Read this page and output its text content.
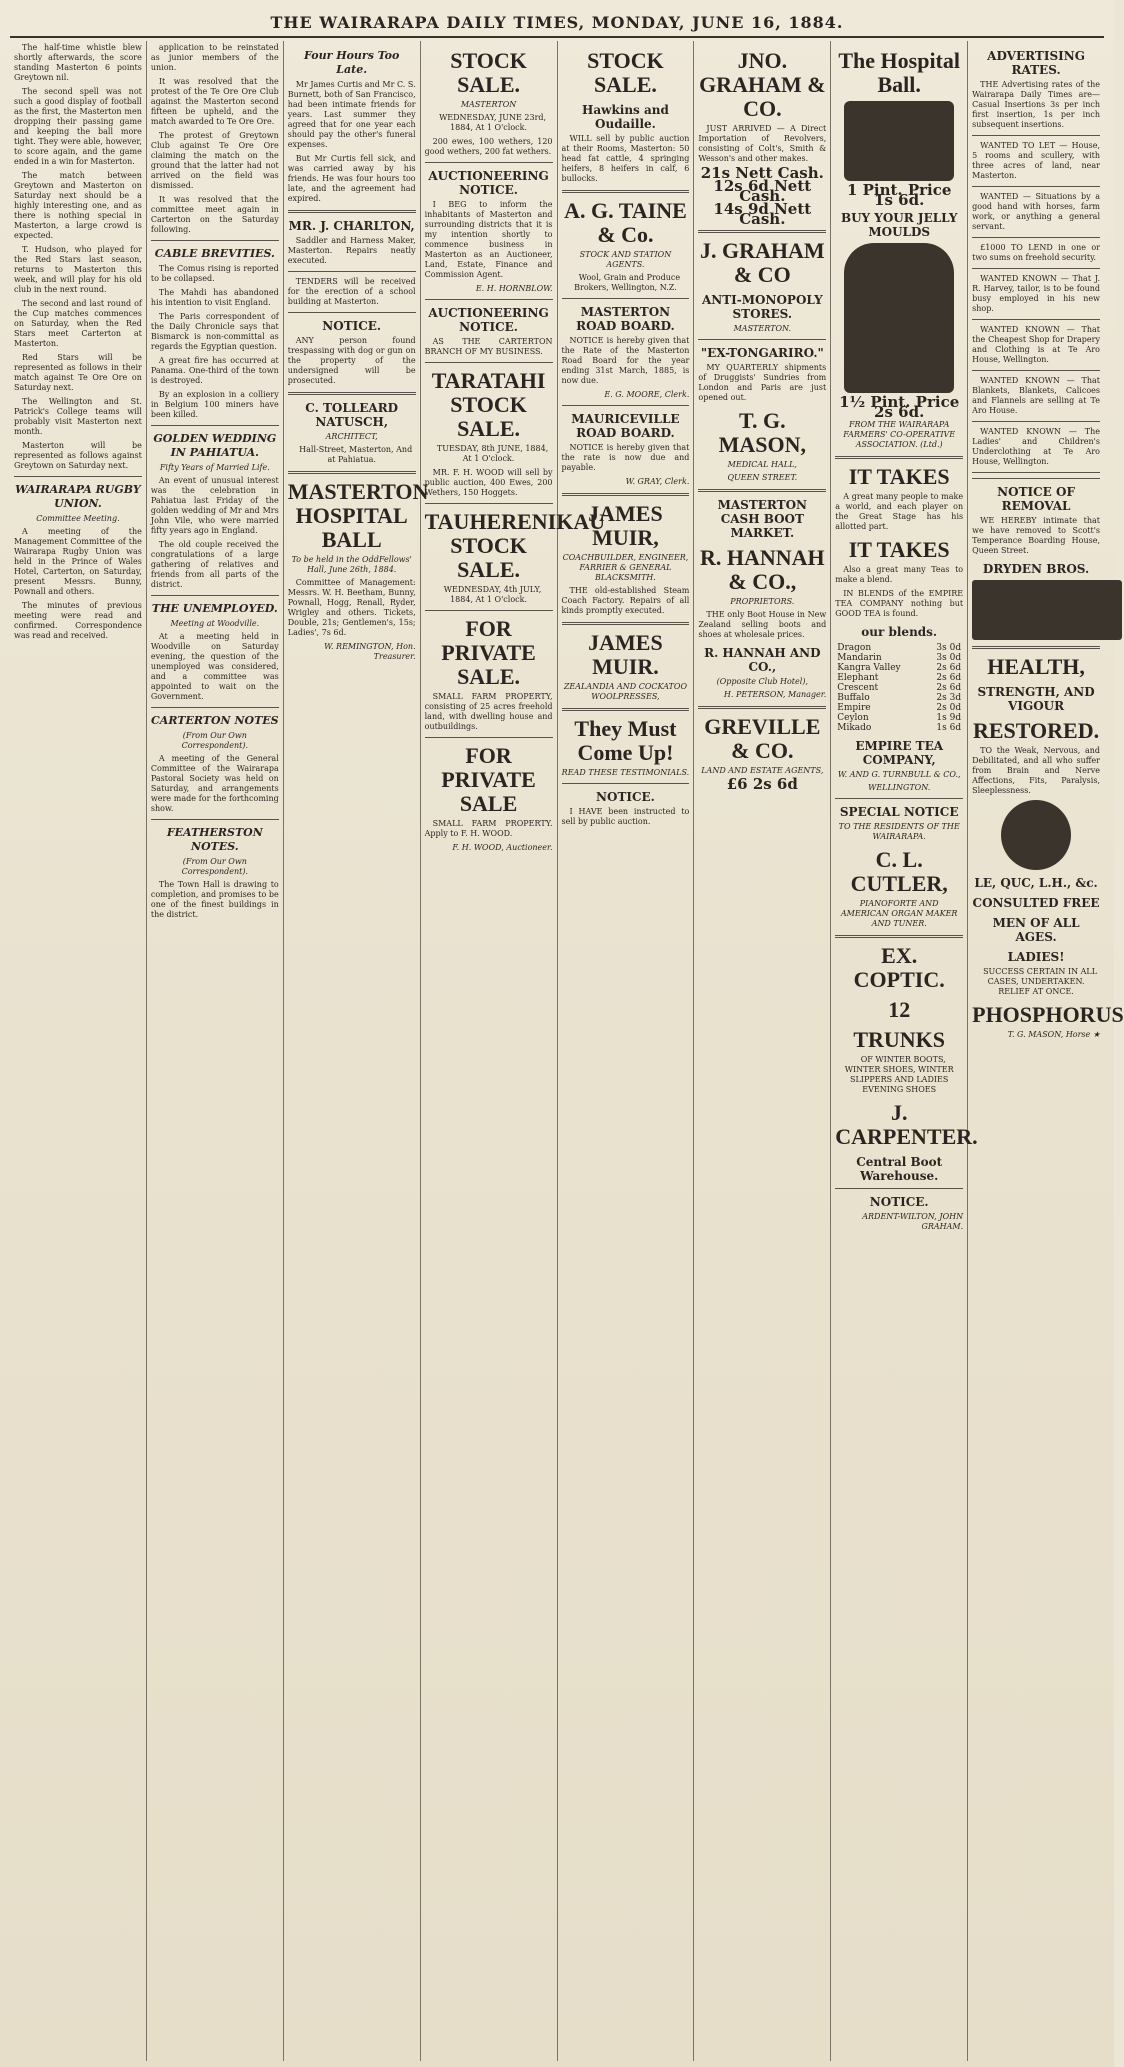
THE WAIRARAPA DAILY TIMES, MONDAY, JUNE 16, 1884.

The half-time whistle blew shortly afterwards, the score standing Masterton 6 points Greytown nil.

The second spell was not such a good display of football as the first, the Masterton men dropping their passing game and keeping the ball more tight. They were able, however, to score again, and the game ended in a win for Masterton.

The match between Greytown and Masterton on Saturday next should be a highly interesting one, and as there is nothing special in Masterton, a large crowd is expected.

T. Hudson, who played for the Red Stars last season, returns to Masterton this week, and will play for his old club in the next round.

The second and last round of the Cup matches commences on Saturday, when the Red Stars meet Carterton at Masterton.

Red Stars will be represented as follows in their match against Te Ore Ore on Saturday next.

The Wellington and St. Patrick's College teams will probably visit Masterton next month.

Masterton will be represented as follows against Greytown on Saturday next.

WAIRARAPA RUGBY UNION.
Committee Meeting.

A meeting of the Management Committee of the Wairarapa Rugby Union was held in the Prince of Wales Hotel, Carterton, on Saturday, present Messrs. Bunny, Pownall and others.

The minutes of previous meeting were read and confirmed. Correspondence was read and received.

application to be reinstated as junior members of the union.

It was resolved that the protest of the Te Ore Ore Club against the Masterton second fifteen be upheld, and the match awarded to Te Ore Ore.

The protest of Greytown Club against Te Ore Ore claiming the match on the ground that the latter had not arrived on the field was dismissed.

It was resolved that the committee meet again in Carterton on the Saturday following.

CABLE BREVITIES.

The Comus rising is reported to be collapsed.

The Mahdi has abandoned his intention to visit England.

The Paris correspondent of the Daily Chronicle says that Bismarck is non-committal as regards the Egyptian question.

A great fire has occurred at Panama. One-third of the town is destroyed.

By an explosion in a colliery in Belgium 100 miners have been killed.

GOLDEN WEDDING IN PAHIATUA.
Fifty Years of Married Life.

An event of unusual interest was the celebration in Pahiatua last Friday of the golden wedding of Mr and Mrs John Vile, who were married fifty years ago in England.

The old couple received the congratulations of a large gathering of relatives and friends from all parts of the district.

THE UNEMPLOYED.
Meeting at Woodville.

At a meeting held in Woodville on Saturday evening, the question of the unemployed was considered, and a committee was appointed to wait on the Government.

CARTERTON NOTES
(From Our Own Correspondent).

A meeting of the General Committee of the Wairarapa Pastoral Society was held on Saturday, and arrangements were made for the forthcoming show.

FEATHERSTON NOTES.
(From Our Own Correspondent).

The Town Hall is drawing to completion, and promises to be one of the finest buildings in the district.

Four Hours Too Late.

Mr James Curtis and Mr C. S. Burnett, both of San Francisco, had been intimate friends for years. Last summer they agreed that for one year each should pay the other's funeral expenses.

But Mr Curtis fell sick, and was carried away by his friends. He was four hours too late, and the agreement had expired.

MR. J. CHARLTON,

Saddler and Harness Maker, Masterton. Repairs neatly executed.

TENDERS will be received for the erection of a school building at Masterton.

NOTICE.

ANY person found trespassing with dog or gun on the property of the undersigned will be prosecuted.

C. TOLLEARD NATUSCH,
ARCHITECT,

Hall-Street, Masterton, And at Pahiatua.

MASTERTON HOSPITAL BALL
To be held in the OddFellows' Hall, June 26th, 1884.

Committee of Management: Messrs. W. H. Beetham, Bunny, Pownall, Hogg, Renall, Ryder, Wrigley and others. Tickets, Double, 21s; Gentlemen's, 15s; Ladies', 7s 6d.

W. REMINGTON, Hon. Treasurer.
STOCK SALE.
MASTERTON

WEDNESDAY, JUNE 23rd, 1884, At 1 O'clock.

200 ewes, 100 wethers, 120 good wethers, 200 fat wethers.

AUCTIONEERING NOTICE.

I BEG to inform the inhabitants of Masterton and surrounding districts that it is my intention shortly to commence business in Masterton as an Auctioneer, Land, Estate, Finance and Commission Agent.

E. H. HORNBLOW.
AUCTIONEERING NOTICE.

AS THE CARTERTON BRANCH OF MY BUSINESS.

TARATAHI STOCK SALE.

TUESDAY, 8th JUNE, 1884, At 1 O'clock.

MR. F. H. WOOD will sell by public auction, 400 Ewes, 200 Wethers, 150 Hoggets.

TAUHERENIKAU STOCK SALE.

WEDNESDAY, 4th JULY, 1884, At 1 O'clock.

FOR PRIVATE SALE.

SMALL FARM PROPERTY, consisting of 25 acres freehold land, with dwelling house and outbuildings.

FOR PRIVATE SALE

SMALL FARM PROPERTY. Apply to F. H. WOOD.

F. H. WOOD, Auctioneer.
STOCK SALE.
Hawkins and Oudaille.

WILL sell by public auction at their Rooms, Masterton: 50 head fat cattle, 4 springing heifers, 8 heifers in calf, 6 bullocks.

A. G. TAINE & Co.
STOCK AND STATION AGENTS.

Wool, Grain and Produce Brokers, Wellington, N.Z.

MASTERTON ROAD BOARD.

NOTICE is hereby given that the Rate of the Masterton Road Board for the year ending 31st March, 1885, is now due.

E. G. MOORE, Clerk.
MAURICEVILLE ROAD BOARD.

NOTICE is hereby given that the rate is now due and payable.

W. GRAY, Clerk.
JAMES MUIR,
COACHBUILDER, ENGINEER, FARRIER & GENERAL BLACKSMITH.

THE old-established Steam Coach Factory. Repairs of all kinds promptly executed.

JAMES MUIR.
ZEALANDIA AND COCKATOO WOOLPRESSES,
They Must Come Up!
READ THESE TESTIMONIALS.
NOTICE.

I HAVE been instructed to sell by public auction.

JNO. GRAHAM & CO.

JUST ARRIVED — A Direct Importation of Revolvers, consisting of Colt's, Smith & Wesson's and other makes.

21s Nett Cash.
12s 6d Nett Cash.
14s 9d Nett Cash.
J. GRAHAM & CO
ANTI-MONOPOLY STORES.
MASTERTON.
"EX-TONGARIRO."

MY QUARTERLY shipments of Druggists' Sundries from London and Paris are just opened out.

T. G. MASON,
MEDICAL HALL,
QUEEN STREET.
MASTERTON CASH BOOT MARKET.
R. HANNAH & CO.,
PROPRIETORS.

THE only Boot House in New Zealand selling boots and shoes at wholesale prices.

R. HANNAH AND CO.,
(Opposite Club Hotel),
H. PETERSON, Manager.
GREVILLE & CO.
LAND AND ESTATE AGENTS,
£6 2s 6d
The Hospital Ball.
1 Pint. Price 1s 6d.
BUY YOUR JELLY MOULDS
1½ Pint. Price 2s 6d.
FROM THE WAIRARAPA FARMERS' CO-OPERATIVE ASSOCIATION. (Ltd.)
IT TAKES

A great many people to make a world, and each player on the Great Stage has his allotted part.

IT TAKES

Also a great many Teas to make a blend.

IN BLENDS of the EMPIRE TEA COMPANY nothing but GOOD TEA is found.

our blends.
Dragon	3s 0d
Mandarin	3s 0d
Kangra Valley	2s 6d
Elephant	2s 6d
Crescent	2s 6d
Buffalo	2s 3d
Empire	2s 0d
Ceylon	1s 9d
Mikado	1s 6d
EMPIRE TEA COMPANY,
W. AND G. TURNBULL & CO.,
WELLINGTON.
SPECIAL NOTICE
TO THE RESIDENTS OF THE WAIRARAPA.
C. L. CUTLER,
PIANOFORTE AND AMERICAN ORGAN MAKER AND TUNER.
EX. COPTIC.
12
TRUNKS

OF WINTER BOOTS, WINTER SHOES, WINTER SLIPPERS AND LADIES EVENING SHOES

J. CARPENTER.
Central Boot Warehouse.
NOTICE.
ARDENT-WILTON, JOHN GRAHAM.
ADVERTISING RATES.

THE Advertising rates of the Wairarapa Daily Times are—Casual Insertions 3s per inch first insertion, 1s per inch subsequent insertions.

WANTED TO LET — House, 5 rooms and scullery, with three acres of land, near Masterton.

WANTED — Situations by a good hand with horses, farm work, or anything a general servant.

£1000 TO LEND in one or two sums on freehold security.

WANTED KNOWN — That J. R. Harvey, tailor, is to be found busy employed in his new shop.

WANTED KNOWN — That the Cheapest Shop for Drapery and Clothing is at Te Aro House, Wellington.

WANTED KNOWN — That Blankets, Blankets, Calicoes and Flannels are selling at Te Aro House.

WANTED KNOWN — The Ladies' and Children's Underclothing at Te Aro House, Wellington.

NOTICE OF REMOVAL

WE HEREBY intimate that we have removed to Scott's Temperance Boarding House, Queen Street.

DRYDEN BROS.
HEALTH,
STRENGTH, AND VIGOUR
RESTORED.

TO the Weak, Nervous, and Debilitated, and all who suffer from Brain and Nerve Affections, Fits, Paralysis, Sleeplessness.

LE, QUC, L.H., &c.
CONSULTED FREE
MEN OF ALL AGES.
LADIES!

SUCCESS CERTAIN IN ALL CASES, UNDERTAKEN. RELIEF AT ONCE.

PHOSPHORUS
T. G. MASON, Horse ★
